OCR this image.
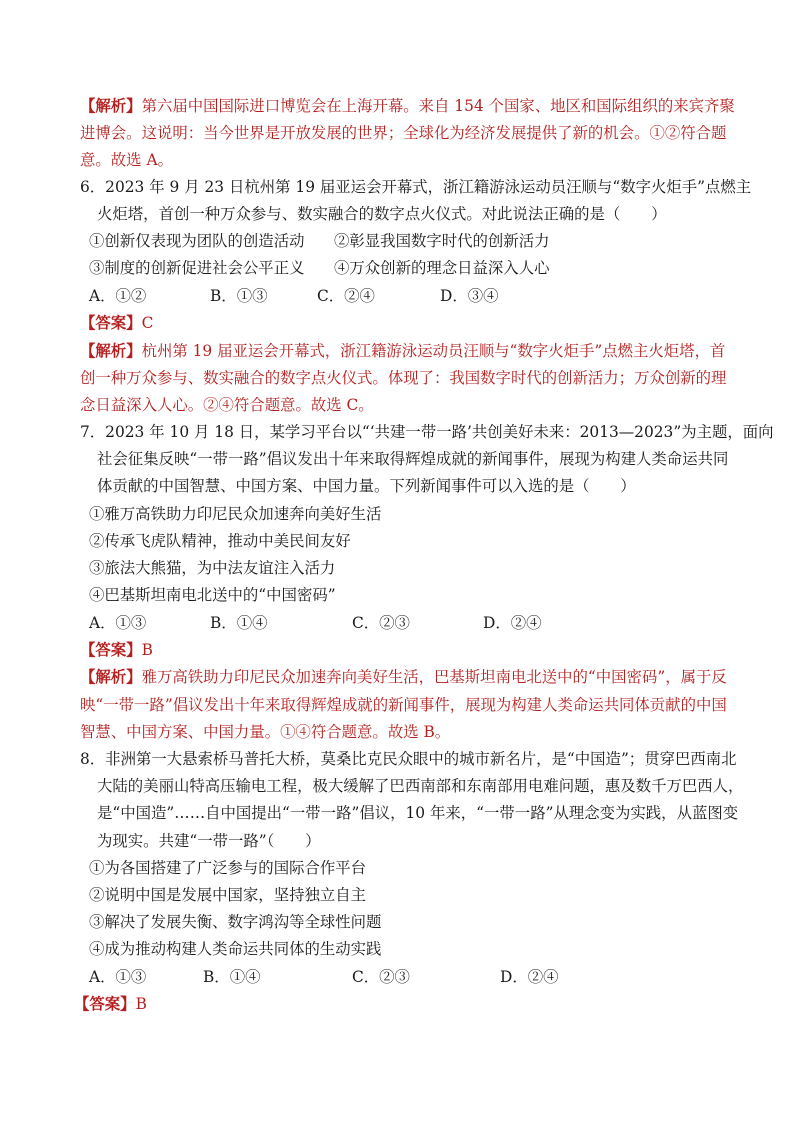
【解析】第六届中国国际进口博览会在上海开幕。来自 154 个国家、地区和国际组织的来宾齐聚
进博会。这说明：当今世界是开放发展的世界；全球化为经济发展提供了新的机会。①②符合题
意。故选 A。
6．2023 年 9 月 23 日杭州第 19 届亚运会开幕式，浙江籍游泳运动员汪顺与“数字火炬手”点燃主
火炬塔，首创一种万众参与、数实融合的数字点火仪式。对此说法正确的是（　　）
①创新仅表现为团队的创造活动 ②彰显我国数字时代的创新活力
③制度的创新促进社会公平正义 ④万众创新的理念日益深入人心
A．①②	B．①③	C．②④	D．③④
【答案】C
【解析】杭州第 19 届亚运会开幕式，浙江籍游泳运动员汪顺与“数字火炬手”点燃主火炬塔，首
创一种万众参与、数实融合的数字点火仪式。体现了：我国数字时代的创新活力；万众创新的理
念日益深入人心。②④符合题意。故选 C。
7．2023 年 10 月 18 日，某学习平台以“‘共建一带一路’共创美好未来：2013—2023”为主题，面向
社会征集反映“一带一路”倡议发出十年来取得辉煌成就的新闻事件，展现为构建人类命运共同
体贡献的中国智慧、中国方案、中国力量。下列新闻事件可以入选的是（　　）
①雅万高铁助力印尼民众加速奔向美好生活
②传承飞虎队精神，推动中美民间友好
③旅法大熊猫，为中法友谊注入活力
④巴基斯坦南电北送中的“中国密码”
A．①③	B．①④	C．②③	D．②④
【答案】B
【解析】雅万高铁助力印尼民众加速奔向美好生活，巴基斯坦南电北送中的“中国密码”，属于反
映“一带一路”倡议发出十年来取得辉煌成就的新闻事件，展现为构建人类命运共同体贡献的中国
智慧、中国方案、中国力量。①④符合题意。故选 B。
8．非洲第一大悬索桥马普托大桥，莫桑比克民众眼中的城市新名片，是“中国造”；贯穿巴西南北
大陆的美丽山特高压输电工程，极大缓解了巴西南部和东南部用电难问题，惠及数千万巴西人，
是“中国造”……自中国提出“一带一路”倡议，10 年来，“一带一路”从理念变为实践，从蓝图变
为现实。共建“一带一路”（　　）
①为各国搭建了广泛参与的国际合作平台
②说明中国是发展中国家，坚持独立自主
③解决了发展失衡、数字鸿沟等全球性问题
④成为推动构建人类命运共同体的生动实践
A．①③	B．①④	C．②③	D．②④
【答案】B
